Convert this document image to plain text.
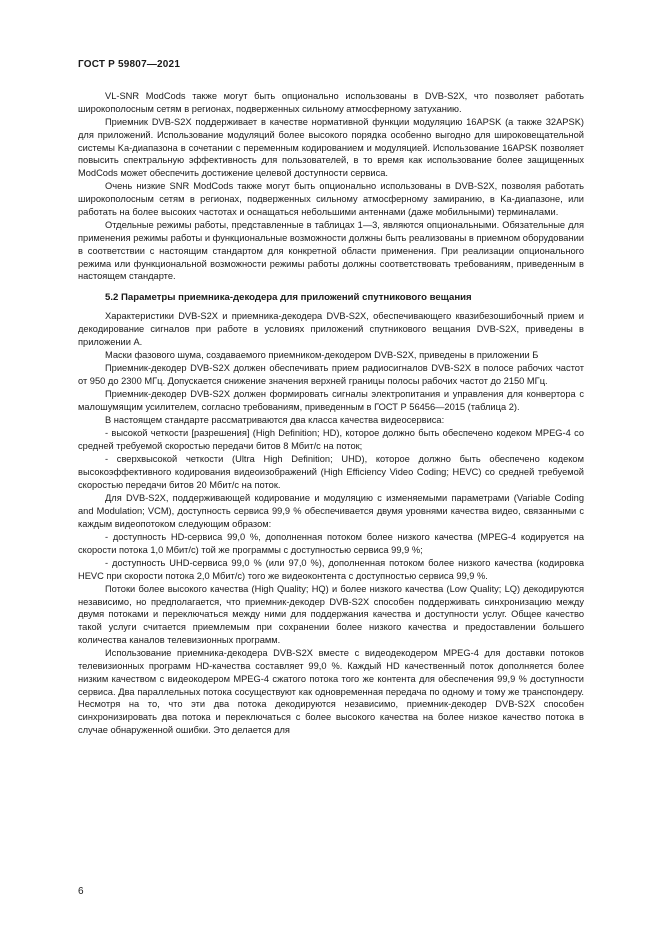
ГОСТ Р 59807—2021

VL-SNR ModCods также могут быть опционально использованы в DVB-S2X, что позволяет работать широкополосным сетям в регионах, подверженных сильному атмосферному затуханию.

Приемник DVB-S2X поддерживает в качестве нормативной функции модуляцию 16APSK (а также 32APSK) для приложений. Использование модуляций более высокого порядка особенно выгодно для широковещательной системы Ka-диапазона в сочетании с переменным кодированием и модуляцией. Использование 16APSK позволяет повысить спектральную эффективность для пользователей, в то время как использование более защищенных ModCods может обеспечить достижение целевой доступности сервиса.

Очень низкие SNR ModCods также могут быть опционально использованы в DVB-S2X, позволяя работать широкополосным сетям в регионах, подверженных сильному атмосферному замиранию, в Ka-диапазоне, или работать на более высоких частотах и оснащаться небольшими антеннами (даже мобильными) терминалами.

Отдельные режимы работы, представленные в таблицах 1—3, являются опциональными. Обязательные для применения режимы работы и функциональные возможности должны быть реализованы в приемном оборудовании в соответствии с настоящим стандартом для конкретной области применения. При реализации опционального режима или функциональной возможности режимы работы должны соответствовать требованиям, приведенным в настоящем стандарте.

5.2 Параметры приемника-декодера для приложений спутникового вещания

Характеристики DVB-S2X и приемника-декодера DVB-S2X, обеспечивающего квазибезошибочный прием и декодирование сигналов при работе в условиях приложений спутникового вещания DVB-S2X, приведены в приложении А.

Маски фазового шума, создаваемого приемником-декодером DVB-S2X, приведены в приложении Б

Приемник-декодер DVB-S2X должен обеспечивать прием радиосигналов DVB-S2X в полосе рабочих частот от 950 до 2300 МГц. Допускается снижение значения верхней границы полосы рабочих частот до 2150 МГц.

Приемник-декодер DVB-S2X должен формировать сигналы электропитания и управления для конвертора с малошумящим усилителем, согласно требованиям, приведенным в ГОСТ Р 56456—2015 (таблица 2).

В настоящем стандарте рассматриваются два класса качества видеосервиса:

- высокой четкости [разрешения] (High Definition; HD), которое должно быть обеспечено кодеком MPEG-4 со средней требуемой скоростью передачи битов 8 Мбит/с на поток;

- сверхвысокой четкости (Ultra High Definition; UHD), которое должно быть обеспечено кодеком высокоэффективного кодирования видеоизображений (High Efficiency Video Coding; HEVC) со средней требуемой скоростью передачи битов 20 Мбит/с на поток.

Для DVB-S2X, поддерживающей кодирование и модуляцию с изменяемыми параметрами (Variable Coding and Modulation; VCM), доступность сервиса 99,9 % обеспечивается двумя уровнями качества видео, связанными с каждым видеопотоком следующим образом:

- доступность HD-сервиса 99,0 %, дополненная потоком более низкого качества (MPEG-4 кодируется на скорости потока 1,0 Мбит/с) той же программы с доступностью сервиса 99,9 %;

- доступность UHD-сервиса 99,0 % (или 97,0 %), дополненная потоком более низкого качества (кодировка HEVC при скорости потока 2,0 Мбит/с) того же видеоконтента с доступностью сервиса 99,9 %.

Потоки более высокого качества (High Quality; HQ) и более низкого качества (Low Quality; LQ) декодируются независимо, но предполагается, что приемник-декодер DVB-S2X способен поддерживать синхронизацию между двумя потоками и переключаться между ними для поддержания качества и доступности услуг. Общее качество такой услуги считается приемлемым при сохранении более низкого качества и предоставлении большего количества каналов телевизионных программ.

Использование приемника-декодера DVB-S2X вместе с видеодекодером MPEG-4 для доставки потоков телевизионных программ HD-качества составляет 99,0 %. Каждый HD качественный поток дополняется более низким качеством с видеокодером MPEG-4 сжатого потока того же контента для обеспечения 99,9 % доступности сервиса. Два параллельных потока сосуществуют как одновременная передача по одному и тому же транспондеру. Несмотря на то, что эти два потока декодируются независимо, приемник-декодер DVB-S2X способен синхронизировать два потока и переключаться с более высокого качества на более низкое качество потока в случае обнаруженной ошибки. Это делается для

6
